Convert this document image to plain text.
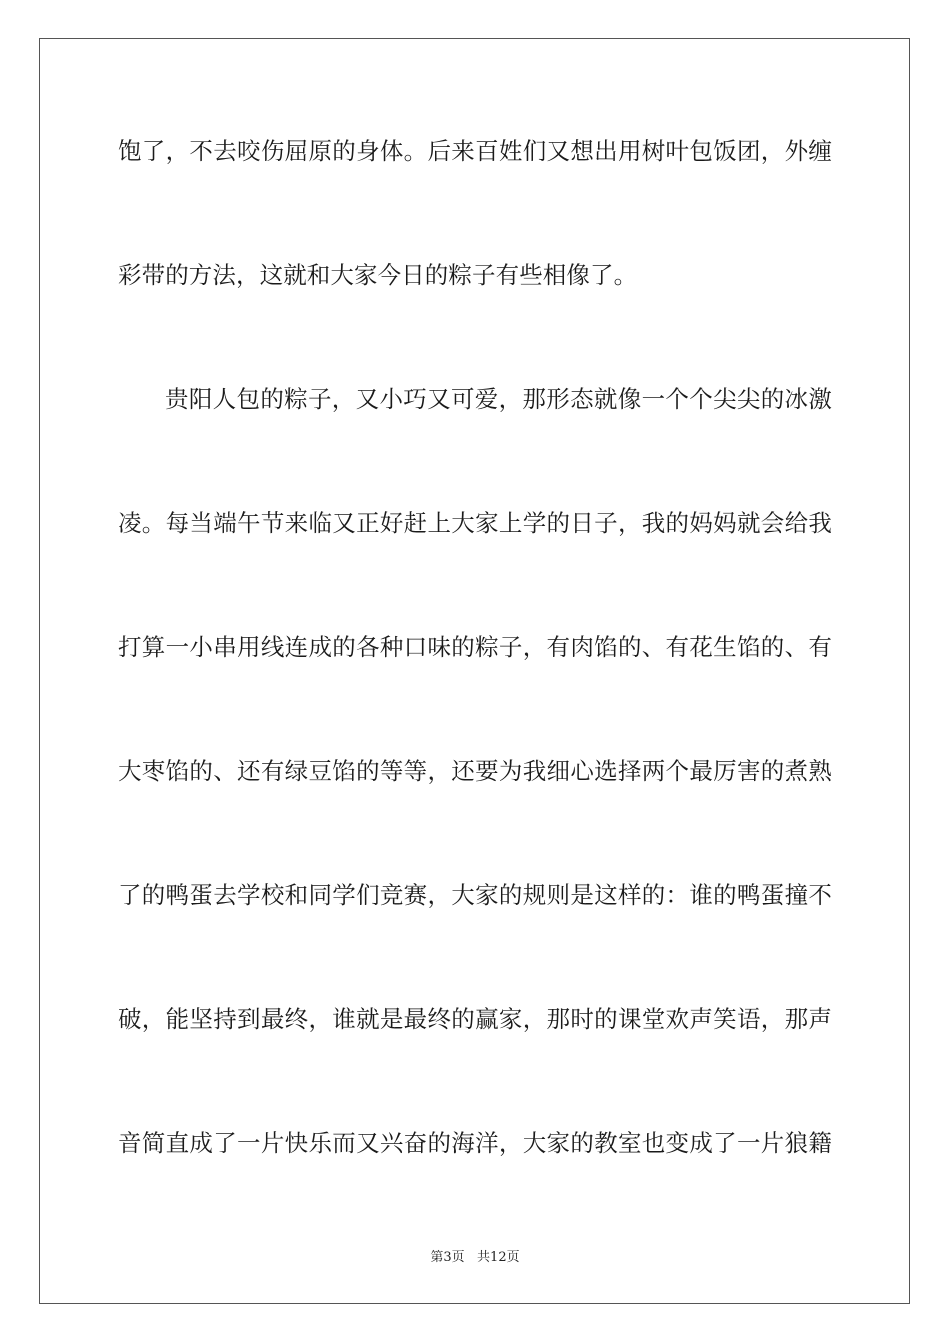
饱了，不去咬伤屈原的身体。后来百姓们又想出用树叶包饭团，外缠
彩带的方法，这就和大家今日的粽子有些相像了。
贵阳人包的粽子，又小巧又可爱，那形态就像一个个尖尖的冰激
凌。每当端午节来临又正好赶上大家上学的日子，我的妈妈就会给我
打算一小串用线连成的各种口味的粽子，有肉馅的、有花生馅的、有
大枣馅的、还有绿豆馅的等等，还要为我细心选择两个最厉害的煮熟
了的鸭蛋去学校和同学们竞赛，大家的规则是这样的：谁的鸭蛋撞不
破，能坚持到最终，谁就是最终的赢家，那时的课堂欢声笑语，那声
音简直成了一片快乐而又兴奋的海洋，大家的教室也变成了一片狼籍
第3页   共12页
